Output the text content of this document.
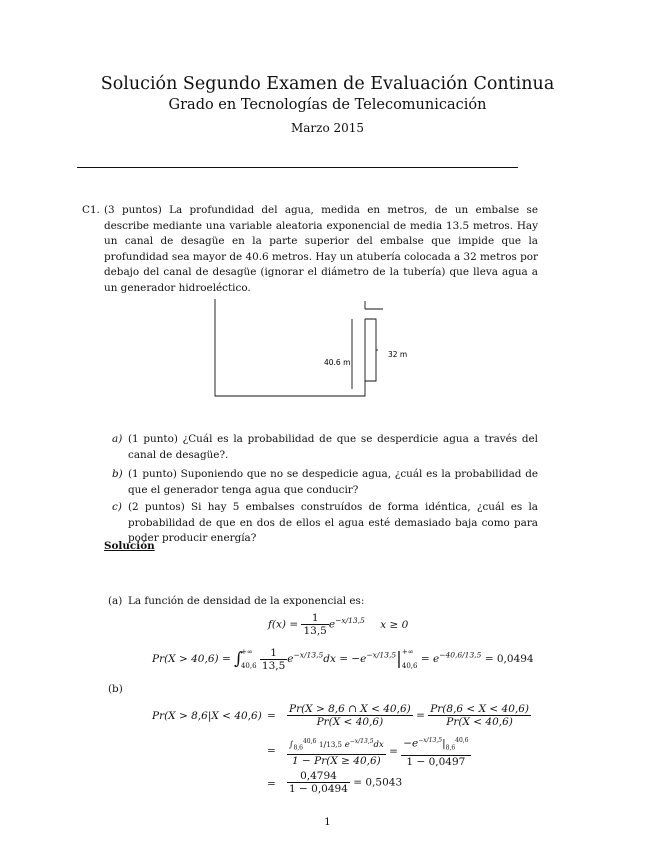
Solución Segundo Examen de Evaluación Continua
Grado en Tecnologías de Telecomunicación
Marzo 2015
C1. (3 puntos) La profundidad del agua, medida en metros, de un embalse se describe mediante una variable aleatoria exponencial de media 13.5 metros. Hay un canal de desagüe en la parte superior del embalse que impide que la profundidad sea mayor de 40.6 metros. Hay un atubería colocada a 32 metros por debajo del canal de desagüe (ignorar el diámetro de la tubería) que lleva agua a un generador hidroeléctico.
40.6 m
32 m
a) (1 punto) ¿Cuál es la probabilidad de que se desperdicie agua a través del canal de desagüe?.
b) (1 punto) Suponiendo que no se despedicie agua, ¿cuál es la probabilidad de que el generador tenga agua que conducir?
c) (2 puntos) Si hay 5 embalses construídos de forma idéntica, ¿cuál es la probabilidad de que en dos de ellos el agua esté demasiado baja como para poder producir energía?
Solución
(a) La función de densidad de la exponencial es:
$f(x) = \frac{1}{13,5} e^{-x/13,5}$ x ≥ 0
Pr(X > 40,6) = ∫
+∞
40,6
$\frac{1}{13,5} e^{-x/13,5}dx = -e^{-x/13,5}|$ +∞
40,6
= $e^{-40,6/13,5} = 0,0494$
(b)
$Pr(X > 8,6|X < 40,6) = \frac{Pr(X > 8,6 \cap X < 40,6)}{Pr(X < 40,6)} = \frac{Pr(8,6 < X < 40,6)}{Pr(X < 40,6)}$
= $\frac{\int_{8,6}^{40,6} 1/13,5 e^{-x/13,5}dx}{1 - Pr(X \ge 40,6)} = \frac{-e^{-x/13,5}|_{8,6}^{40,6}}{1 - 0,0497}$
= $\frac{0,4794}{1 - 0,0494} = 0,5043$
1
